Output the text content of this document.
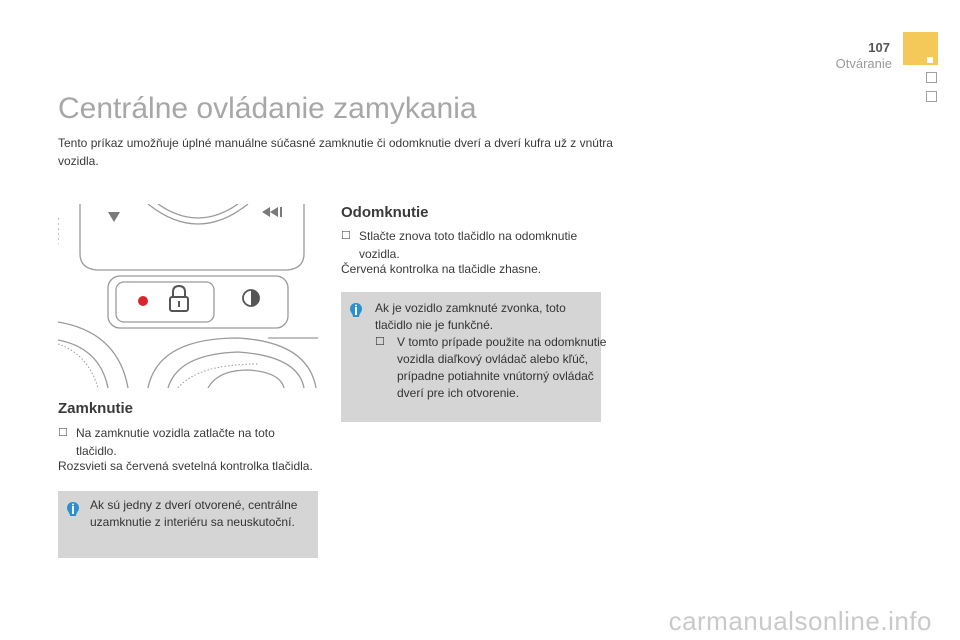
107
Otváranie
Centrálne ovládanie zamykania

Tento príkaz umožňuje úplné manuálne súčasné zamknutie či odomknutie dverí a dverí kufra už z vnútra vozidla.

Zamknutie

☐ Na zamknutie vozidla zatlačte na toto tlačidlo.

Rozsvieti sa červená svetelná kontrolka tlačidla.

Ak sú jedny z dverí otvorené, centrálne uzamknutie z interiéru sa neuskutoční.

Odomknutie

☐ Stlačte znova toto tlačidlo na odomknutie vozidla.

Červená kontrolka na tlačidle zhasne.

Ak je vozidlo zamknuté zvonka, toto tlačidlo nie je funkčné.

☐ V tomto prípade použite na odomknutie vozidla diaľkový ovládač alebo kľúč, prípadne potiahnite vnútorný ovládač dverí pre ich otvorenie.

carmanualsonline.info
